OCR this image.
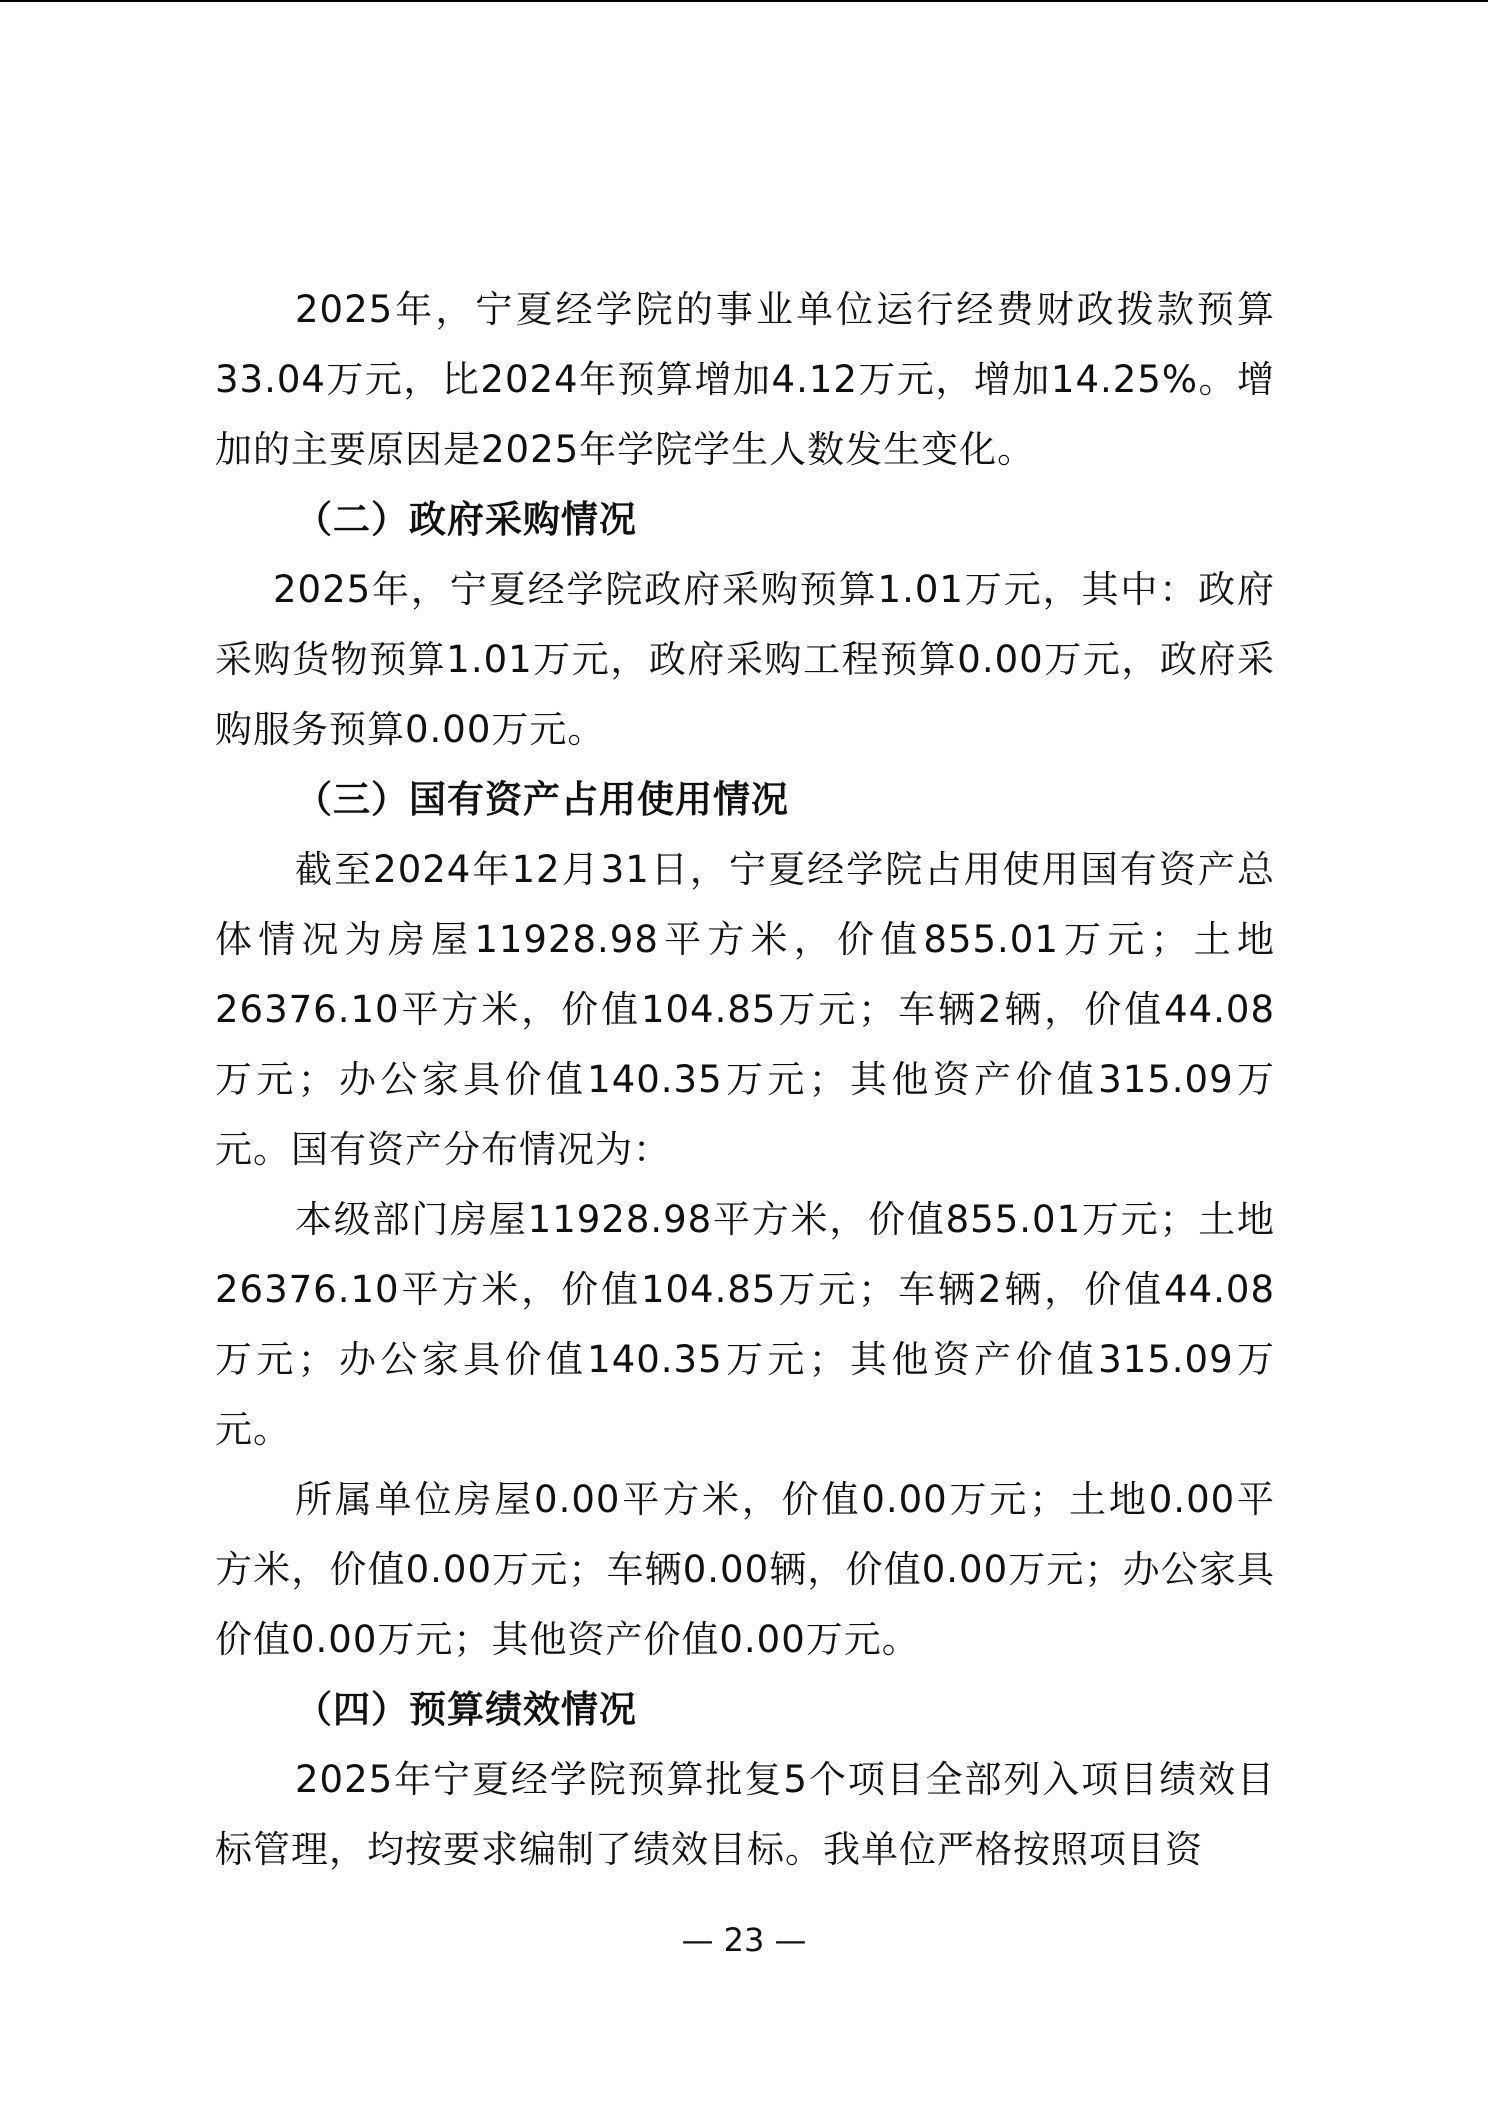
2025年，宁夏经学院的事业单位运行经费财政拨款预算33.04万元，比2024年预算增加4.12万元，增加14.25%。增加的主要原因是2025年学院学生人数发生变化。

（二）政府采购情况

2025年，宁夏经学院政府采购预算1.01万元，其中：政府采购货物预算1.01万元，政府采购工程预算0.00万元，政府采购服务预算0.00万元。

（三）国有资产占用使用情况

截至2024年12月31日，宁夏经学院占用使用国有资产总体情况为房屋11928.98平方米，价值855.01万元；土地26376.10平方米，价值104.85万元；车辆2辆，价值44.08万元；办公家具价值140.35万元；其他资产价值315.09万元。国有资产分布情况为：

本级部门房屋11928.98平方米，价值855.01万元；土地26376.10平方米，价值104.85万元；车辆2辆，价值44.08万元；办公家具价值140.35万元；其他资产价值315.09万元。

所属单位房屋0.00平方米，价值0.00万元；土地0.00平方米，价值0.00万元；车辆0.00辆，价值0.00万元；办公家具价值0.00万元；其他资产价值0.00万元。

（四）预算绩效情况

2025年宁夏经学院预算批复5个项目全部列入项目绩效目标管理，均按要求编制了绩效目标。我单位严格按照项目资

— 23 —
